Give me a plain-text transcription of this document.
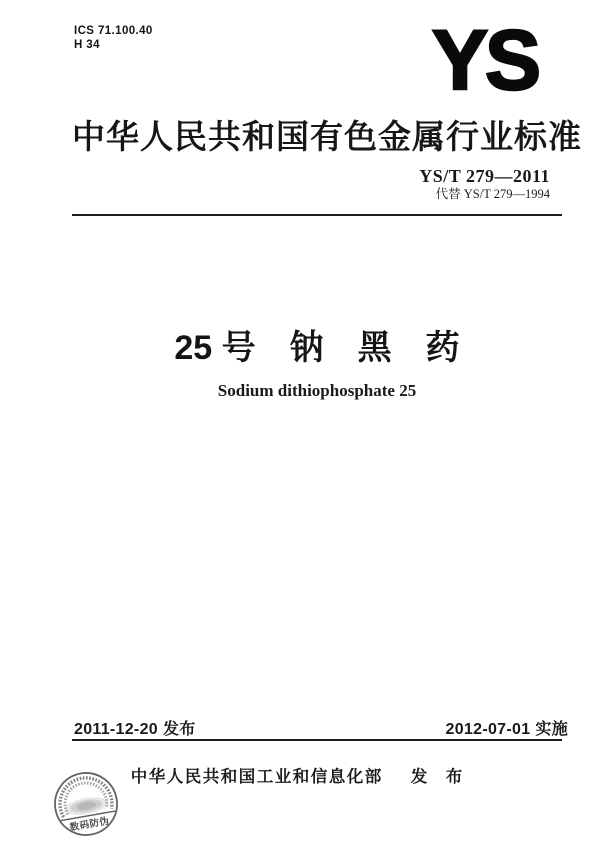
ICS 71.100.40
H 34	YS
中华人民共和国有色金属行业标准
YS/T 279—2011
代替 YS/T 279—1994
25 号　钠　黑　药
Sodium dithiophosphate 25
2011-12-20 发布	2012-07-01 实施
中华人民共和国工业和信息化部 发 布
数码防伪
